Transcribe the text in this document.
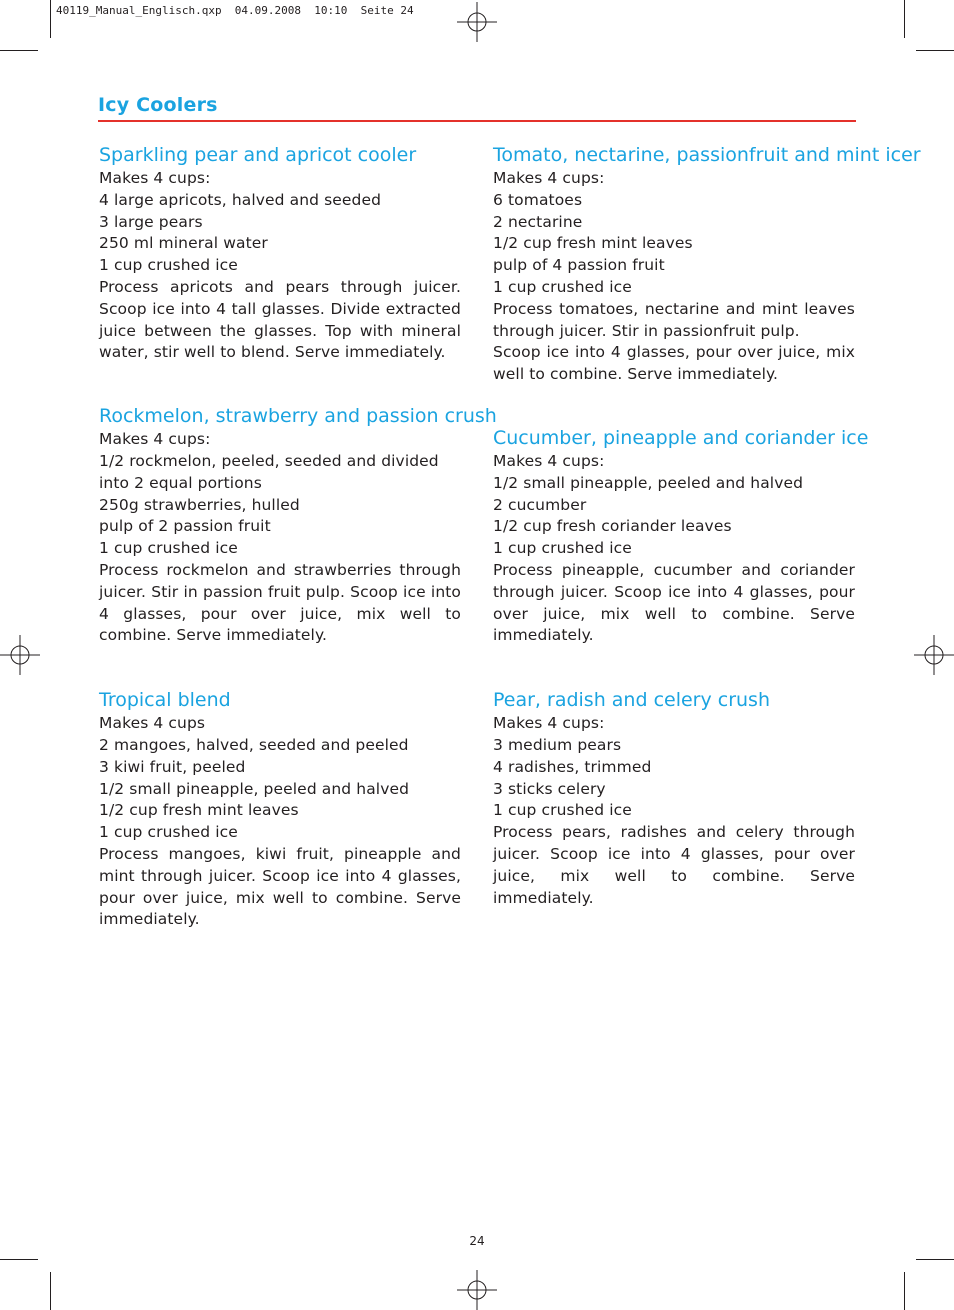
40119_Manual_Englisch.qxp  04.09.2008  10:10  Seite 24
Icy Coolers
Sparkling pear and apricot cooler
Makes 4 cups:
4 large apricots, halved and seeded
3 large pears
250 ml mineral water
1 cup crushed ice
Process apricots and pears through juicer. Scoop ice into 4 tall glasses. Divide extracted juice between the glasses. Top with mineral water, stir well to blend. Serve immediately.
Rockmelon, strawberry and passion crush
Makes 4 cups:
1/2 rockmelon, peeled, seeded and divided
into 2 equal portions
250g strawberries, hulled
pulp of 2 passion fruit
1 cup crushed ice
Process rockmelon and strawberries through juicer. Stir in passion fruit pulp. Scoop ice into 4 glasses, pour over juice, mix well to combine. Serve immediately.
Tropical blend
Makes 4 cups
2 mangoes, halved, seeded and peeled
3 kiwi fruit, peeled
1/2 small pineapple, peeled and halved
1/2 cup fresh mint leaves
1 cup crushed ice
Process mangoes, kiwi fruit, pineapple and mint through juicer. Scoop ice into 4 glasses, pour over juice, mix well to combine. Serve immediately.
Tomato, nectarine, passionfruit and mint icer
Makes 4 cups:
6 tomatoes
2 nectarine
1/2 cup fresh mint leaves
pulp of 4 passion fruit
1 cup crushed ice
Process tomatoes, nectarine and mint leaves through juicer. Stir in passionfruit pulp.
Scoop ice into 4 glasses, pour over juice, mix well to combine. Serve immediately.
Cucumber, pineapple and coriander ice
Makes 4 cups:
1/2 small pineapple, peeled and halved
2 cucumber
1/2 cup fresh coriander leaves
1 cup crushed ice
Process pineapple, cucumber and coriander through juicer. Scoop ice into 4 glasses, pour over juice, mix well to combine. Serve immediately.
Pear, radish and celery crush
Makes 4 cups:
3 medium pears
4 radishes, trimmed
3 sticks celery
1 cup crushed ice
Process pears, radishes and celery through juicer. Scoop ice into 4 glasses, pour over juice, mix well to combine. Serve immediately.
24
